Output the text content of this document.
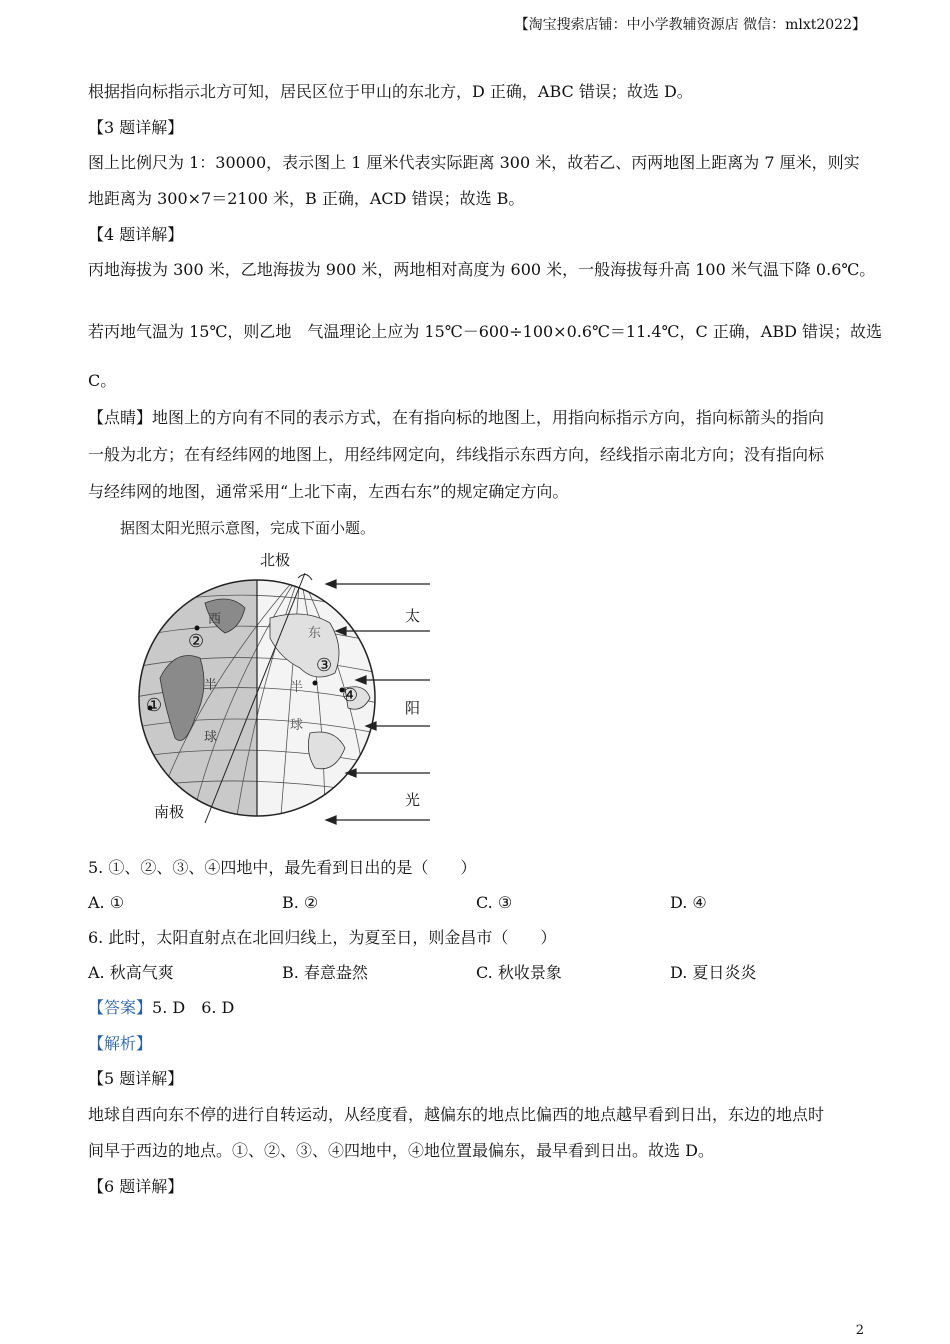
【淘宝搜索店铺：中小学教辅资源店 微信：mlxt2022】
根据指向标指示北方可知，居民区位于甲山的东北方，D 正确，ABC 错误；故选 D。
【3 题详解】
图上比例尺为 1：30000，表示图上 1 厘米代表实际距离 300 米，故若乙、丙两地图上距离为 7 厘米，则实
地距离为 300×7＝2100 米，B 正确，ACD 错误；故选 B。
【4 题详解】
丙地海拔为 300 米，乙地海拔为 900 米，两地相对高度为 600 米，一般海拔每升高 100 米气温下降 0.6℃。
若丙地气温为 15℃，则乙地　气温理论上应为 15℃－600÷100×0.6℃＝11.4℃，C 正确，ABD 错误；故选
C。
【点睛】地图上的方向有不同的表示方式，在有指向标的地图上，用指向标指示方向，指向标箭头的指向
一般为北方；在有经纬网的地图上，用经纬网定向，纬线指示东西方向，经线指示南北方向；没有指向标
与经纬网的地图，通常采用“上北下南，左西右东”的规定确定方向。
据图太阳光照示意图，完成下面小题。
北极
南极
太
阳
光
东
半
球
西
半
球
②
①
③
④
5. ①、②、③、④四地中，最先看到日出的是（　　）
A. ①	B. ②	C. ③	D. ④
6. 此时，太阳直射点在北回归线上，为夏至日，则金昌市（　　）
A. 秋高气爽	B. 春意盎然	C. 秋收景象	D. 夏日炎炎
【答案】5. D　6. D
【解析】
【5 题详解】
地球自西向东不停的进行自转运动，从经度看，越偏东的地点比偏西的地点越早看到日出，东边的地点时
间早于西边的地点。①、②、③、④四地中，④地位置最偏东，最早看到日出。故选 D。
【6 题详解】
2
